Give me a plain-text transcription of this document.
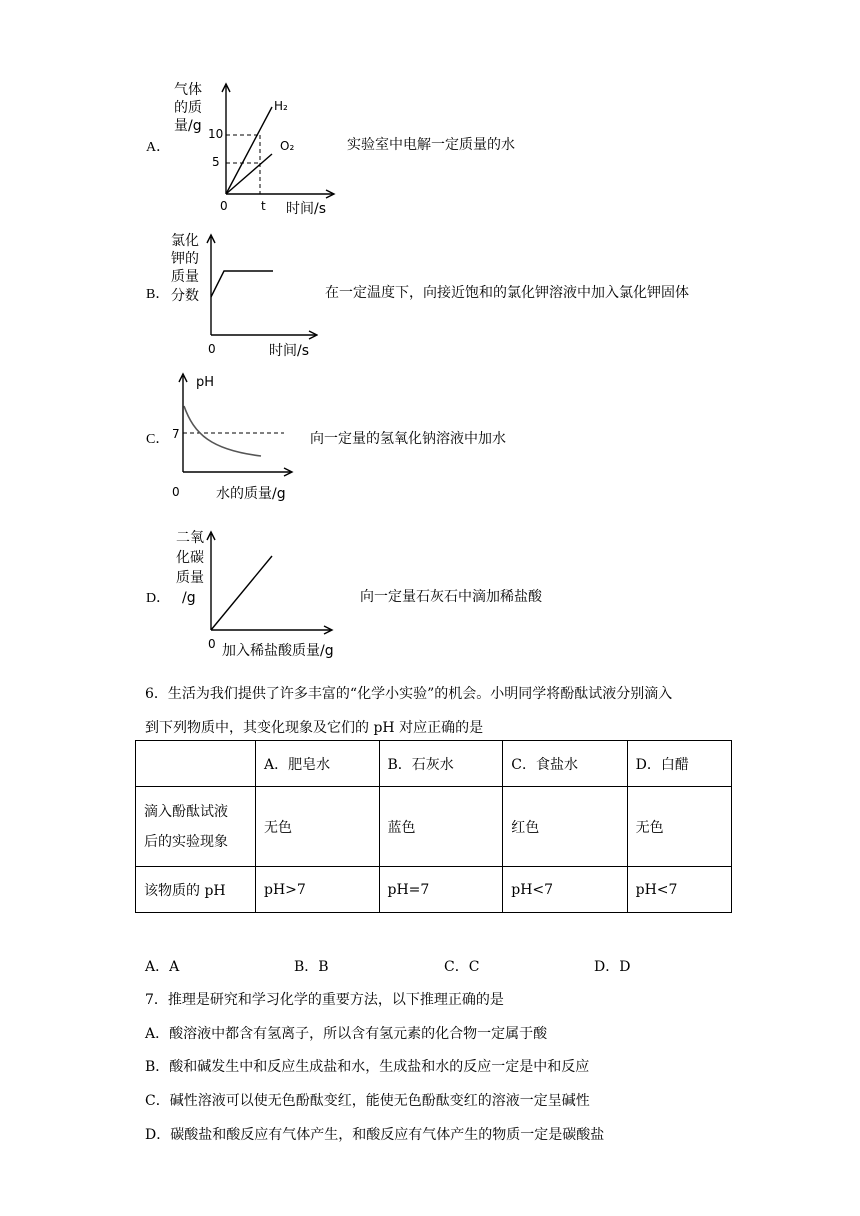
A．
气体
的质
量/g 10
5
0	t 时间/s
H₂
O₂	实验室中电解一定质量的水
B．
氯化
钾的
质量
分数
0	时间/s
在一定温度下，向接近饱和的氯化钾溶液中加入氯化钾固体
C．
pH
7
0	水的质量/g
向一定量的氢氧化钠溶液中加水
D．
二氧
化碳
质量
/g
0 加入稀盐酸质量/g
向一定量石灰石中滴加稀盐酸
6．生活为我们提供了许多丰富的“化学小实验”的机会。小明同学将酚酞试液分别滴入
到下列物质中，其变化现象及它们的 pH 对应正确的是
	A．肥皂水	B．石灰水	C．食盐水	D．白醋

滴入酚酞试液
后的实验现象	无色	蓝色	红色	无色
该物质的 pH	pH>7	pH=7	pH<7	pH<7
A．A	B．B	C．C	D．D
7．推理是研究和学习化学的重要方法，以下推理正确的是
A．酸溶液中都含有氢离子，所以含有氢元素的化合物一定属于酸
B．酸和碱发生中和反应生成盐和水，生成盐和水的反应一定是中和反应
C．碱性溶液可以使无色酚酞变红，能使无色酚酞变红的溶液一定呈碱性
D．碳酸盐和酸反应有气体产生，和酸反应有气体产生的物质一定是碳酸盐
